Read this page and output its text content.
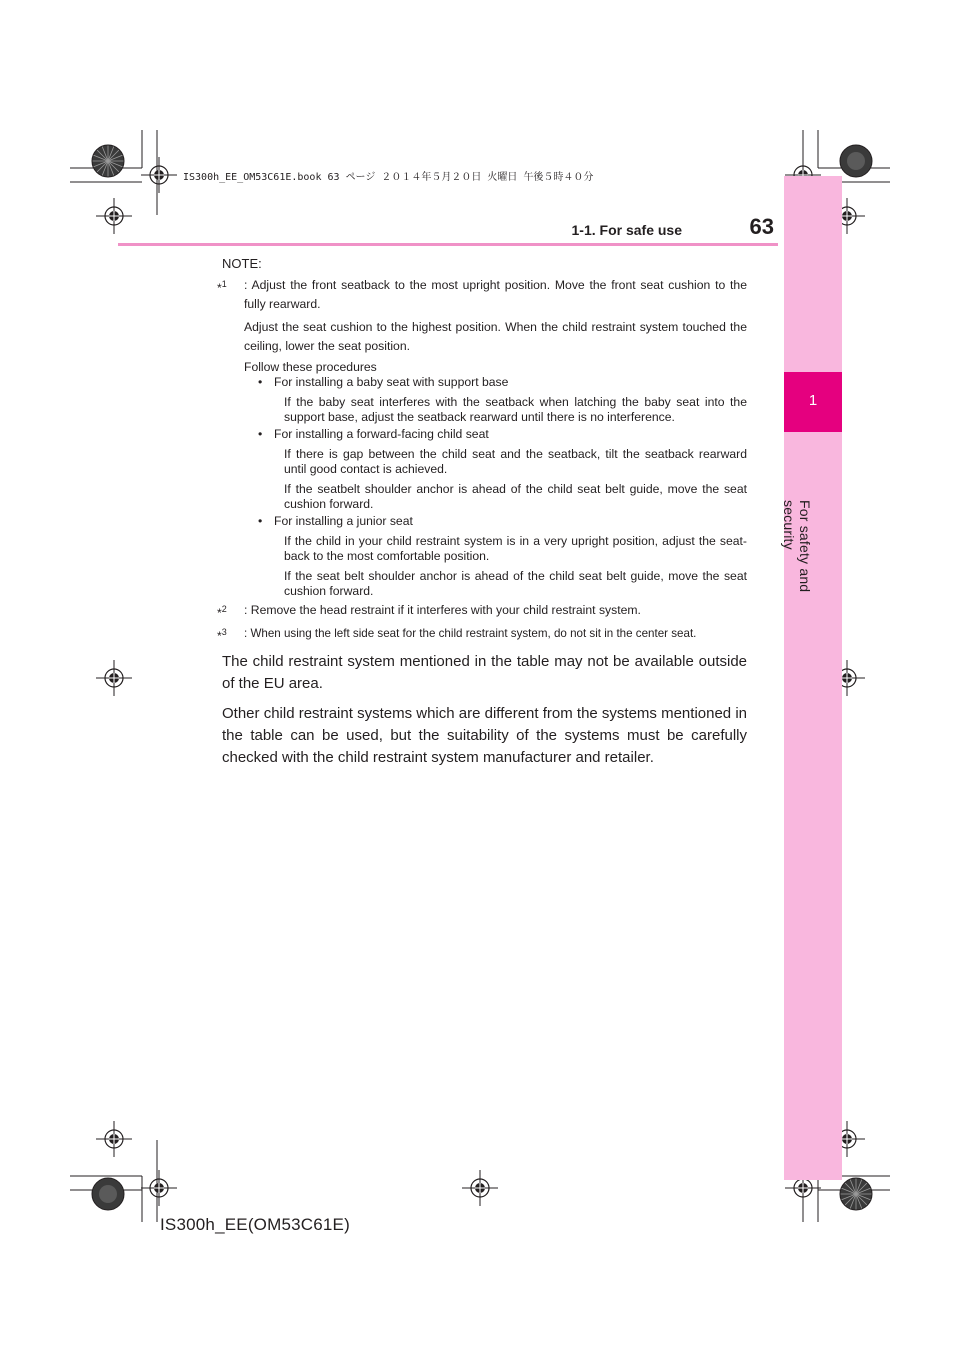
IS300h_EE_OM53C61E.book 63 ページ ２０１４年５月２０日 火曜日 午後５時４０分
1
For safety and security
1-1. For safe use	63

NOTE:

*$^1$ : Adjust the front seatback to the most upright position. Move the front seat cushion to the fully rearward.

Adjust the seat cushion to the highest position. When the child restraint system touched the ceiling, lower the seat position.

Follow these procedures

• For installing a baby seat with support base

If the baby seat interferes with the seatback when latching the baby seat into the support base, adjust the seatback rearward until there is no interference.

• For installing a forward-facing child seat

If there is gap between the child seat and the seatback, tilt the seatback rearward until good contact is achieved.

If the seatbelt shoulder anchor is ahead of the child seat belt guide, move the seat cushion forward.

• For installing a junior seat

If the child in your child restraint system is in a very upright position, adjust the seat-back to the most comfortable position.

If the seat belt shoulder anchor is ahead of the child seat belt guide, move the seat cushion forward.

*$^2$ : Remove the head restraint if it interferes with your child restraint system.

*$^3$ : When using the left side seat for the child restraint system, do not sit in the center seat.

The child restraint system mentioned in the table may not be available outside of the EU area.

Other child restraint systems which are different from the systems mentioned in the table can be used, but the suitability of the systems must be carefully checked with the child restraint system manufacturer and retailer.

IS300h_EE(OM53C61E)
